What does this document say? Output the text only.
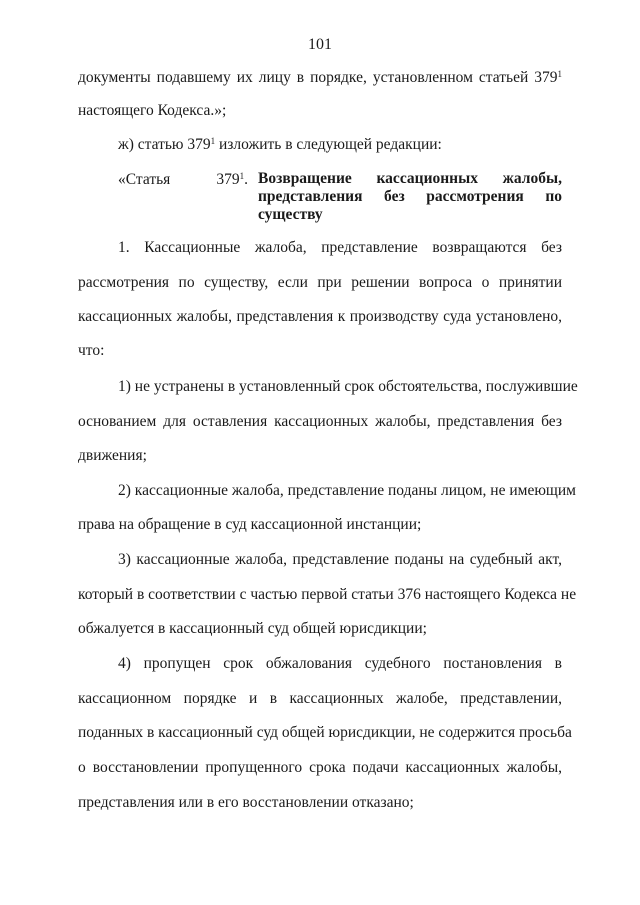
101
документы подавшему их лицу в порядке, установленном статьей $379^1$
настоящего Кодекса.»;
ж) статью $379^1$ изложить в следующей редакции:
«Статья $379^1$. Возвращение кассационных жалобы,
представления без рассмотрения по
существу
1. Кассационные жалоба, представление возвращаются без
рассмотрения по существу, если при решении вопроса о принятии
кассационных жалобы, представления к производству суда установлено,
что:
1) не устранены в установленный срок обстоятельства, послужившие
основанием для оставления кассационных жалобы, представления без
движения;
2) кассационные жалоба, представление поданы лицом, не имеющим
права на обращение в суд кассационной инстанции;
3) кассационные жалоба, представление поданы на судебный акт,
который в соответствии с частью первой статьи 376 настоящего Кодекса не
обжалуется в кассационный суд общей юрисдикции;
4) пропущен срок обжалования судебного постановления в
кассационном порядке и в кассационных жалобе, представлении,
поданных в кассационный суд общей юрисдикции, не содержится просьба
о восстановлении пропущенного срока подачи кассационных жалобы,
представления или в его восстановлении отказано;
